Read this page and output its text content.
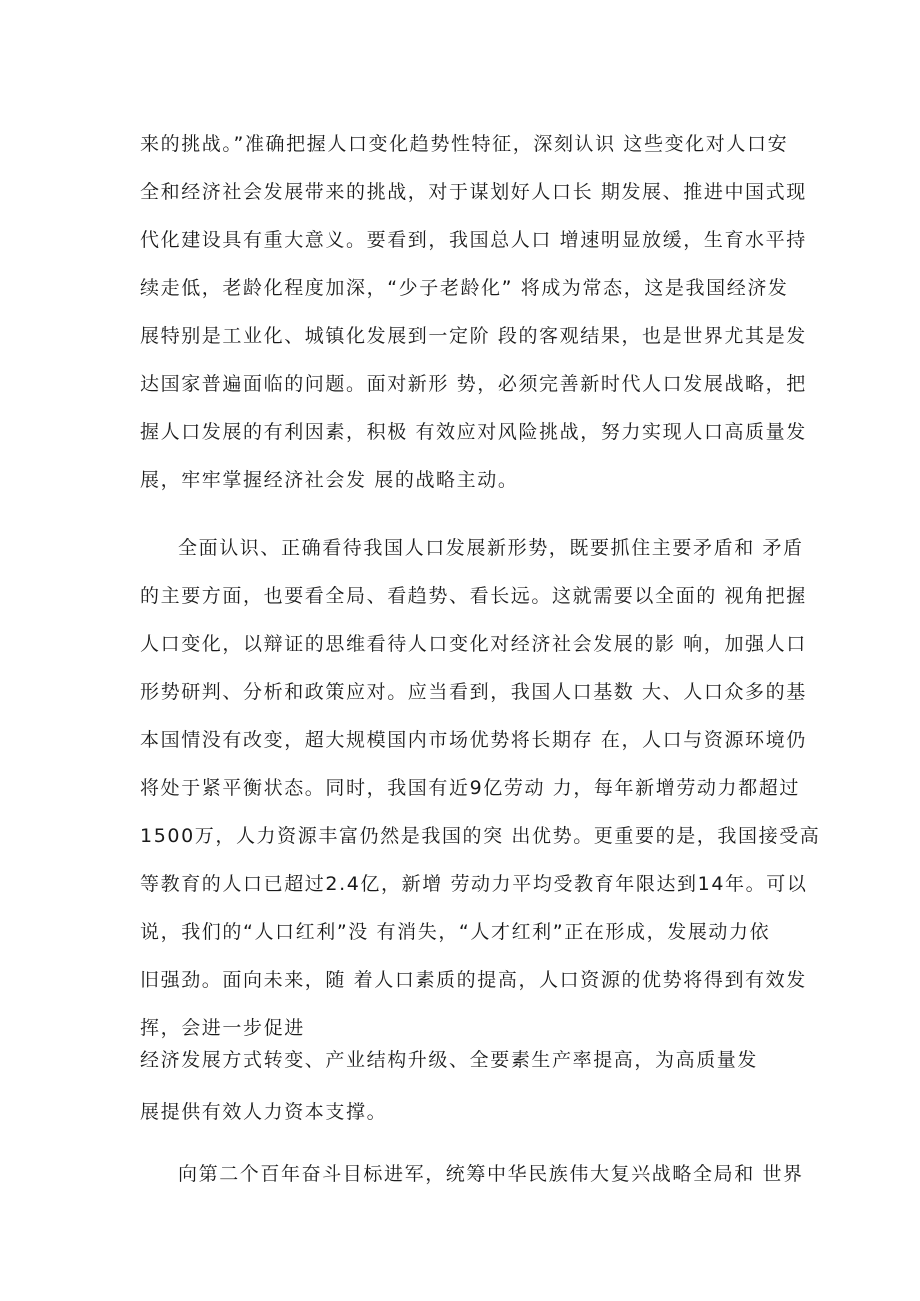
来的挑战。”准确把握人口变化趋势性特征，深刻认识 这些变化对人口安
全和经济社会发展带来的挑战，对于谋划好人口长 期发展、推进中国式现
代化建设具有重大意义。要看到，我国总人口 增速明显放缓，生育水平持
续走低，老龄化程度加深，“少子老龄化” 将成为常态，这是我国经济发
展特别是工业化、城镇化发展到一定阶 段的客观结果，也是世界尤其是发
达国家普遍面临的问题。面对新形 势，必须完善新时代人口发展战略，把
握人口发展的有利因素，积极 有效应对风险挑战，努力实现人口高质量发
展，牢牢掌握经济社会发 展的战略主动。
全面认识、正确看待我国人口发展新形势，既要抓住主要矛盾和 矛盾
的主要方面，也要看全局、看趋势、看长远。这就需要以全面的 视角把握
人口变化，以辩证的思维看待人口变化对经济社会发展的影 响，加强人口
形势研判、分析和政策应对。应当看到，我国人口基数 大、人口众多的基
本国情没有改变，超大规模国内市场优势将长期存 在，人口与资源环境仍
将处于紧平衡状态。同时，我国有近9亿劳动 力，每年新增劳动力都超过
1500万，人力资源丰富仍然是我国的突 出优势。更重要的是，我国接受高
等教育的人口已超过2.4亿，新增 劳动力平均受教育年限达到14年。可以
说，我们的“人口红利”没 有消失，“人才红利”正在形成，发展动力依
旧强劲。面向未来，随 着人口素质的提高，人口资源的优势将得到有效发
挥，会进一步促进
经济发展方式转变、产业结构升级、全要素生产率提高，为高质量发
展提供有效人力资本支撑。
向第二个百年奋斗目标进军，统筹中华民族伟大复兴战略全局和 世界
